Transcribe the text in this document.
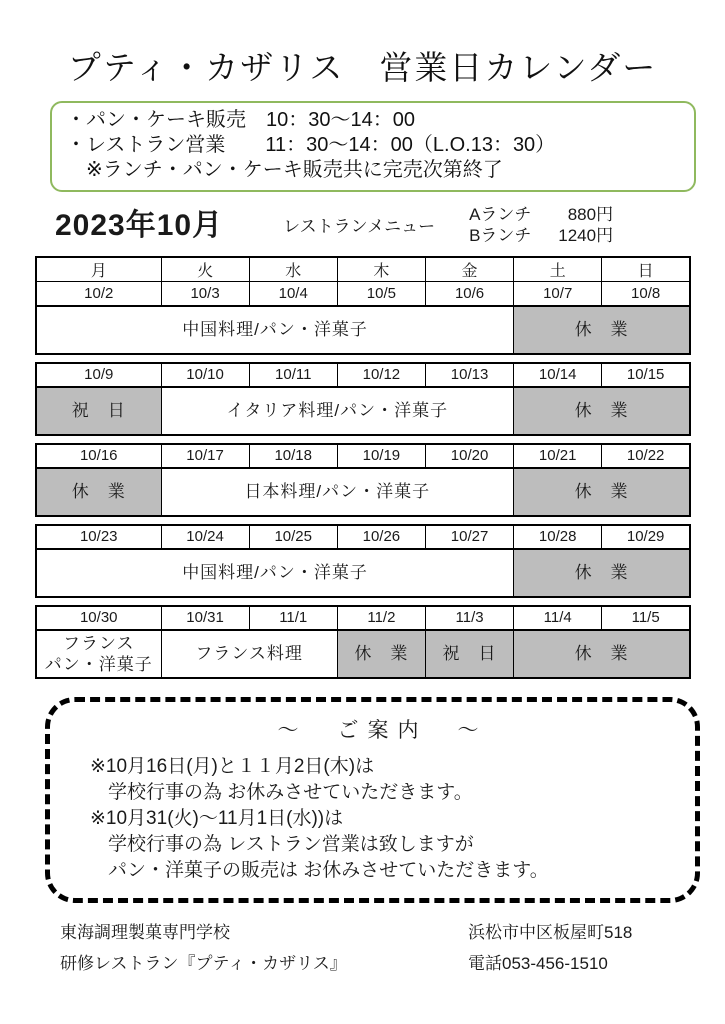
プティ・カザリス　営業日カレンダー
・パン・ケーキ販売　10：30～14：00
・レストラン営業　　11：30～14：00（L.O.13：30）
※ランチ・パン・ケーキ販売共に完売次第終了
2023年10月	レストランメニュー
Aランチ	880円
Bランチ	1240円
月	火	水	木	金	土	日
10/2	10/3	10/4	10/5	10/6	10/7	10/8
中国料理/パン・洋菓子					休　業	
10/9	10/10	10/11	10/12	10/13	10/14	10/15
祝　日	イタリア料理/パン・洋菓子				休　業	
10/16	10/17	10/18	10/19	10/20	10/21	10/22
休　業	日本料理/パン・洋菓子				休　業	
10/23	10/24	10/25	10/26	10/27	10/28	10/29
中国料理/パン・洋菓子					休　業	
10/30	10/31	11/1	11/2	11/3	11/4	11/5
フランス
パン・洋菓子	フランス料理		休　業	祝　日	休　業	
～　ご案内　～
※10月16日(月)と１１月2日(木)は
学校行事の為 お休みさせていただきます。
※10月31(火)～11月1日(水))は
学校行事の為 レストラン営業は致しますが
パン・洋菓子の販売は お休みさせていただきます。
東海調理製菓専門学校
研修レストラン『プティ・カザリス』
浜松市中区板屋町518
電話053-456-1510
